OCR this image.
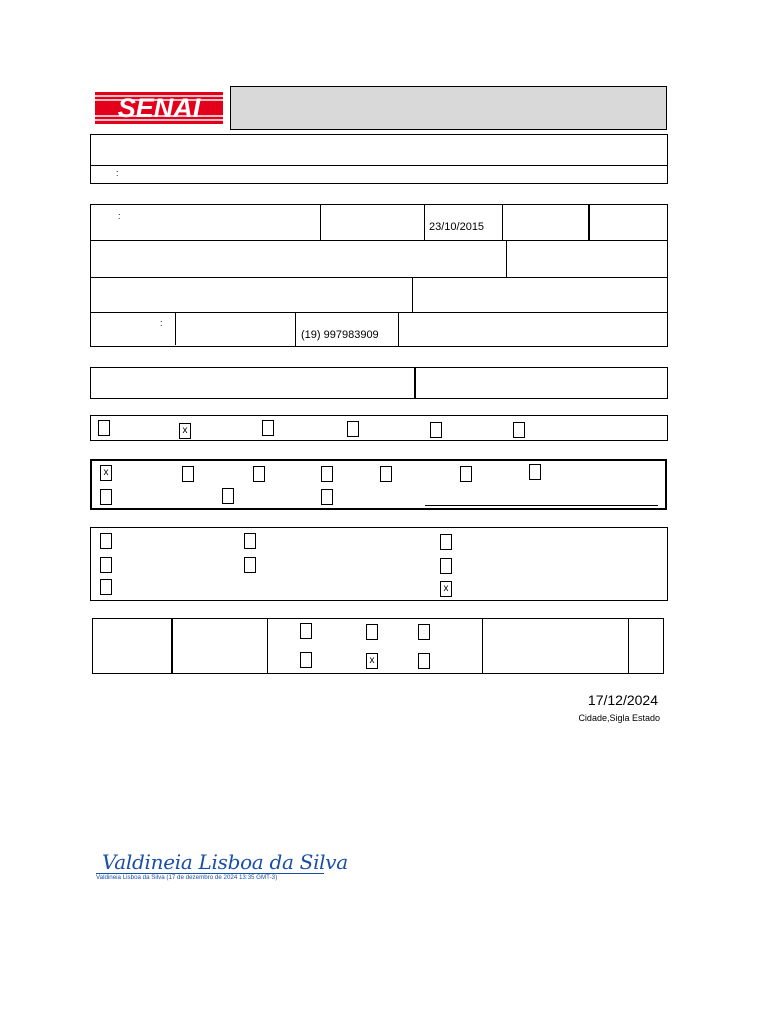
SENAI
:
:
23/10/2015
:
(19) 997983909
x
x
x
x
17/12/2024
Cidade,Sigla Estado
Valdineia Lisboa da Silva
Valdineia Lisboa da Silva (17 de dezembro de 2024 13:35 GMT-3)
